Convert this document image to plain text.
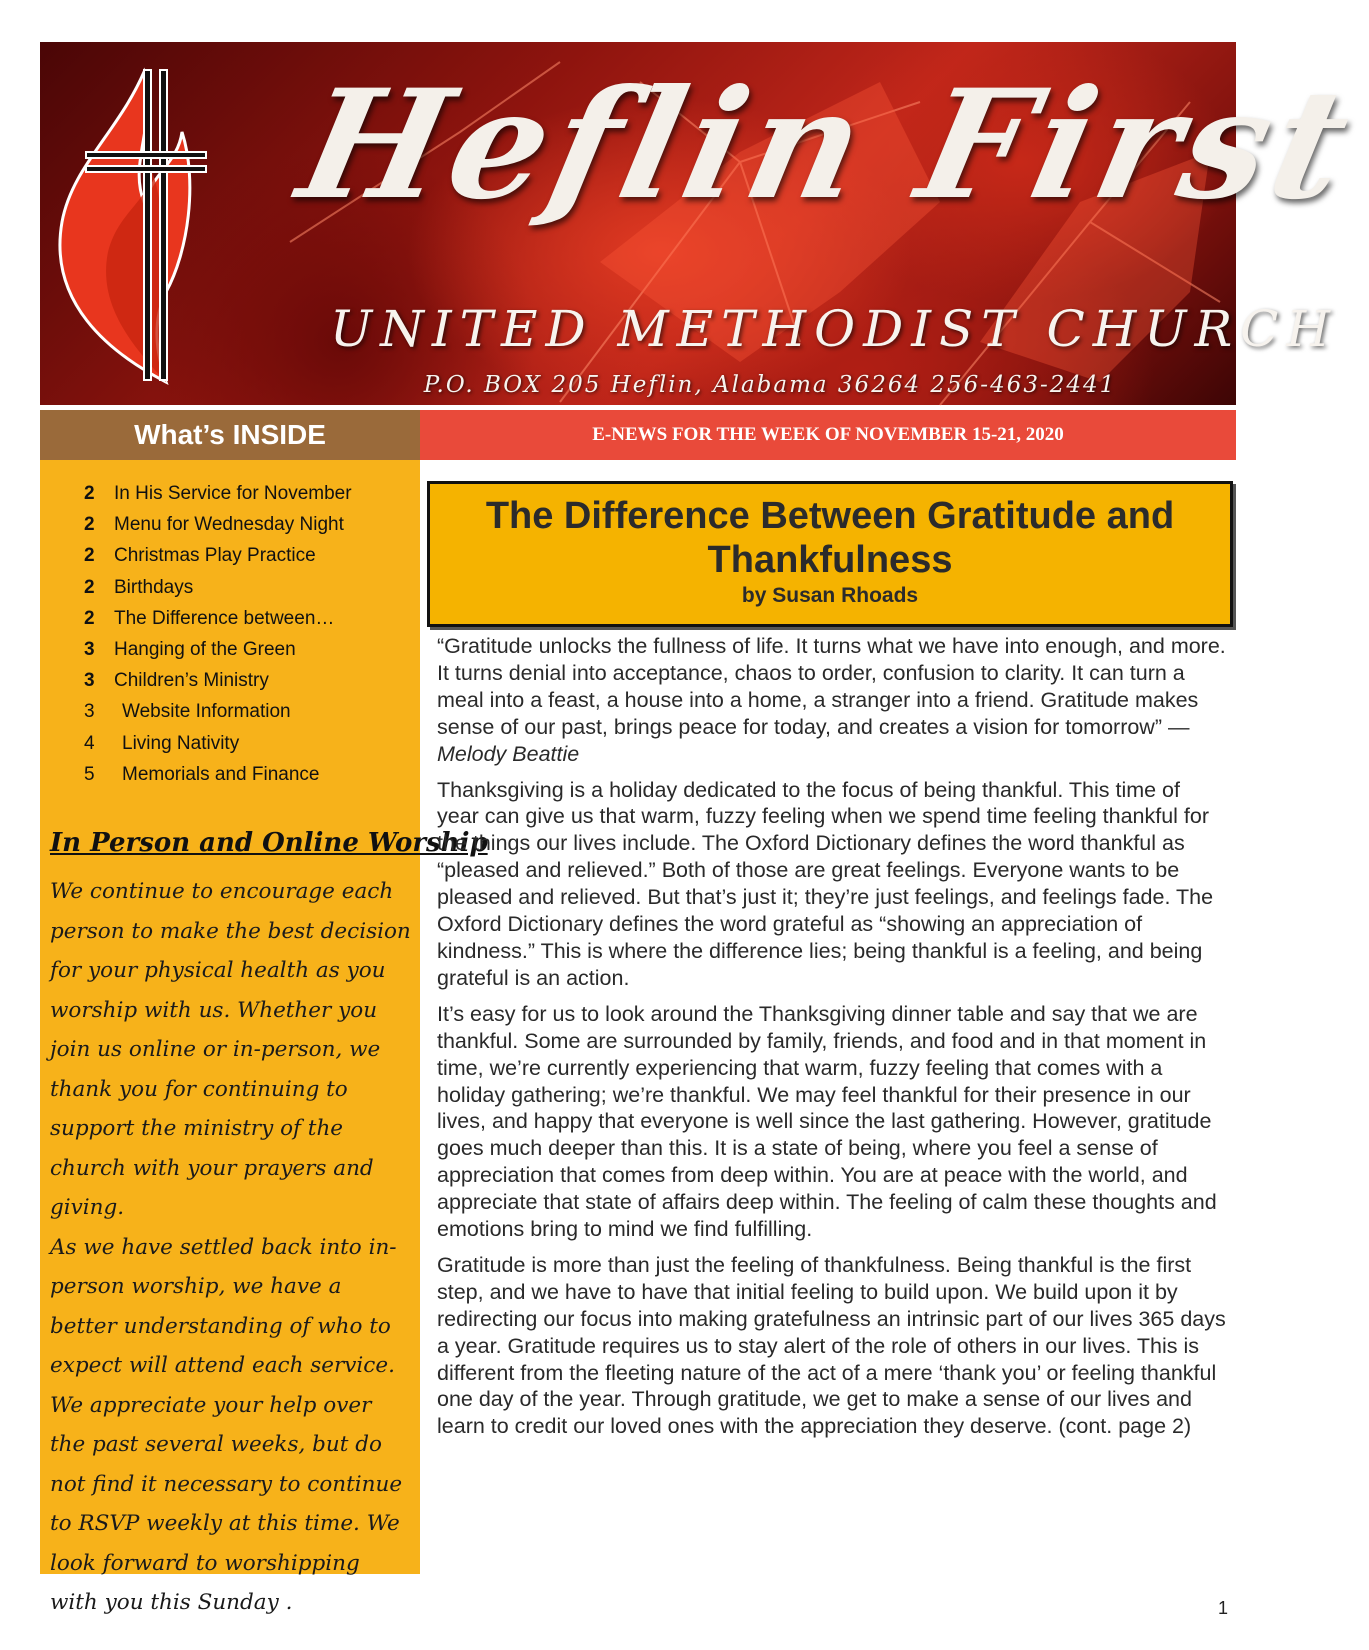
Heflin First
UNITED METHODIST CHURCH
P.O. BOX 205 Heflin, Alabama 36264 256-463-2441
What’s INSIDE	E-NEWS FOR THE WEEK OF NOVEMBER 15-21, 2020
2 In His Service for November
2 Menu for Wednesday Night
2 Christmas Play Practice
2 Birthdays
2 The Difference between…
3 Hanging of the Green
3 Children’s Ministry
3 Website Information
4 Living Nativity
5 Memorials and Finance
In Person and Online Worship
We continue to encourage each person to make the best decision for your physical health as you worship with us. Whether you join us online or in-person, we thank you for continuing to support the ministry of the church with your prayers and giving.
As we have settled back into in-person worship, we have a better understanding of who to expect will attend each service. We appreciate your help over the past several weeks, but do not find it necessary to continue to RSVP weekly at this time. We look forward to worshipping with you this Sunday .
The Difference Between Gratitude and Thankfulness
by Susan Rhoads

“Gratitude unlocks the fullness of life. It turns what we have into enough, and more. It turns denial into acceptance, chaos to order, confusion to clarity. It can turn a meal into a feast, a house into a home, a stranger into a friend. Gratitude makes sense of our past, brings peace for today, and creates a vision for tomorrow” — Melody Beattie

Thanksgiving is a holiday dedicated to the focus of being thankful. This time of year can give us that warm, fuzzy feeling when we spend time feeling thankful for the things our lives include. The Oxford Dictionary defines the word thankful as “pleased and relieved.” Both of those are great feelings. Everyone wants to be pleased and relieved. But that’s just it; they’re just feelings, and feelings fade. The Oxford Dictionary defines the word grateful as “showing an appreciation of kindness.” This is where the difference lies; being thankful is a feeling, and being grateful is an action.

It’s easy for us to look around the Thanksgiving dinner table and say that we are thankful. Some are surrounded by family, friends, and food and in that moment in time, we’re currently experiencing that warm, fuzzy feeling that comes with a holiday gathering; we’re thankful. We may feel thankful for their presence in our lives, and happy that everyone is well since the last gathering. However, gratitude goes much deeper than this. It is a state of being, where you feel a sense of appreciation that comes from deep within. You are at peace with the world, and appreciate that state of affairs deep within. The feeling of calm these thoughts and emotions bring to mind we find fulfilling.

Gratitude is more than just the feeling of thankfulness. Being thankful is the first step, and we have to have that initial feeling to build upon. We build upon it by redirecting our focus into making gratefulness an intrinsic part of our lives 365 days a year. Gratitude requires us to stay alert of the role of others in our lives. This is different from the fleeting nature of the act of a mere ‘thank you’ or feeling thankful one day of the year. Through gratitude, we get to make a sense of our lives and learn to credit our loved ones with the appreciation they deserve. (cont. page 2)

1
